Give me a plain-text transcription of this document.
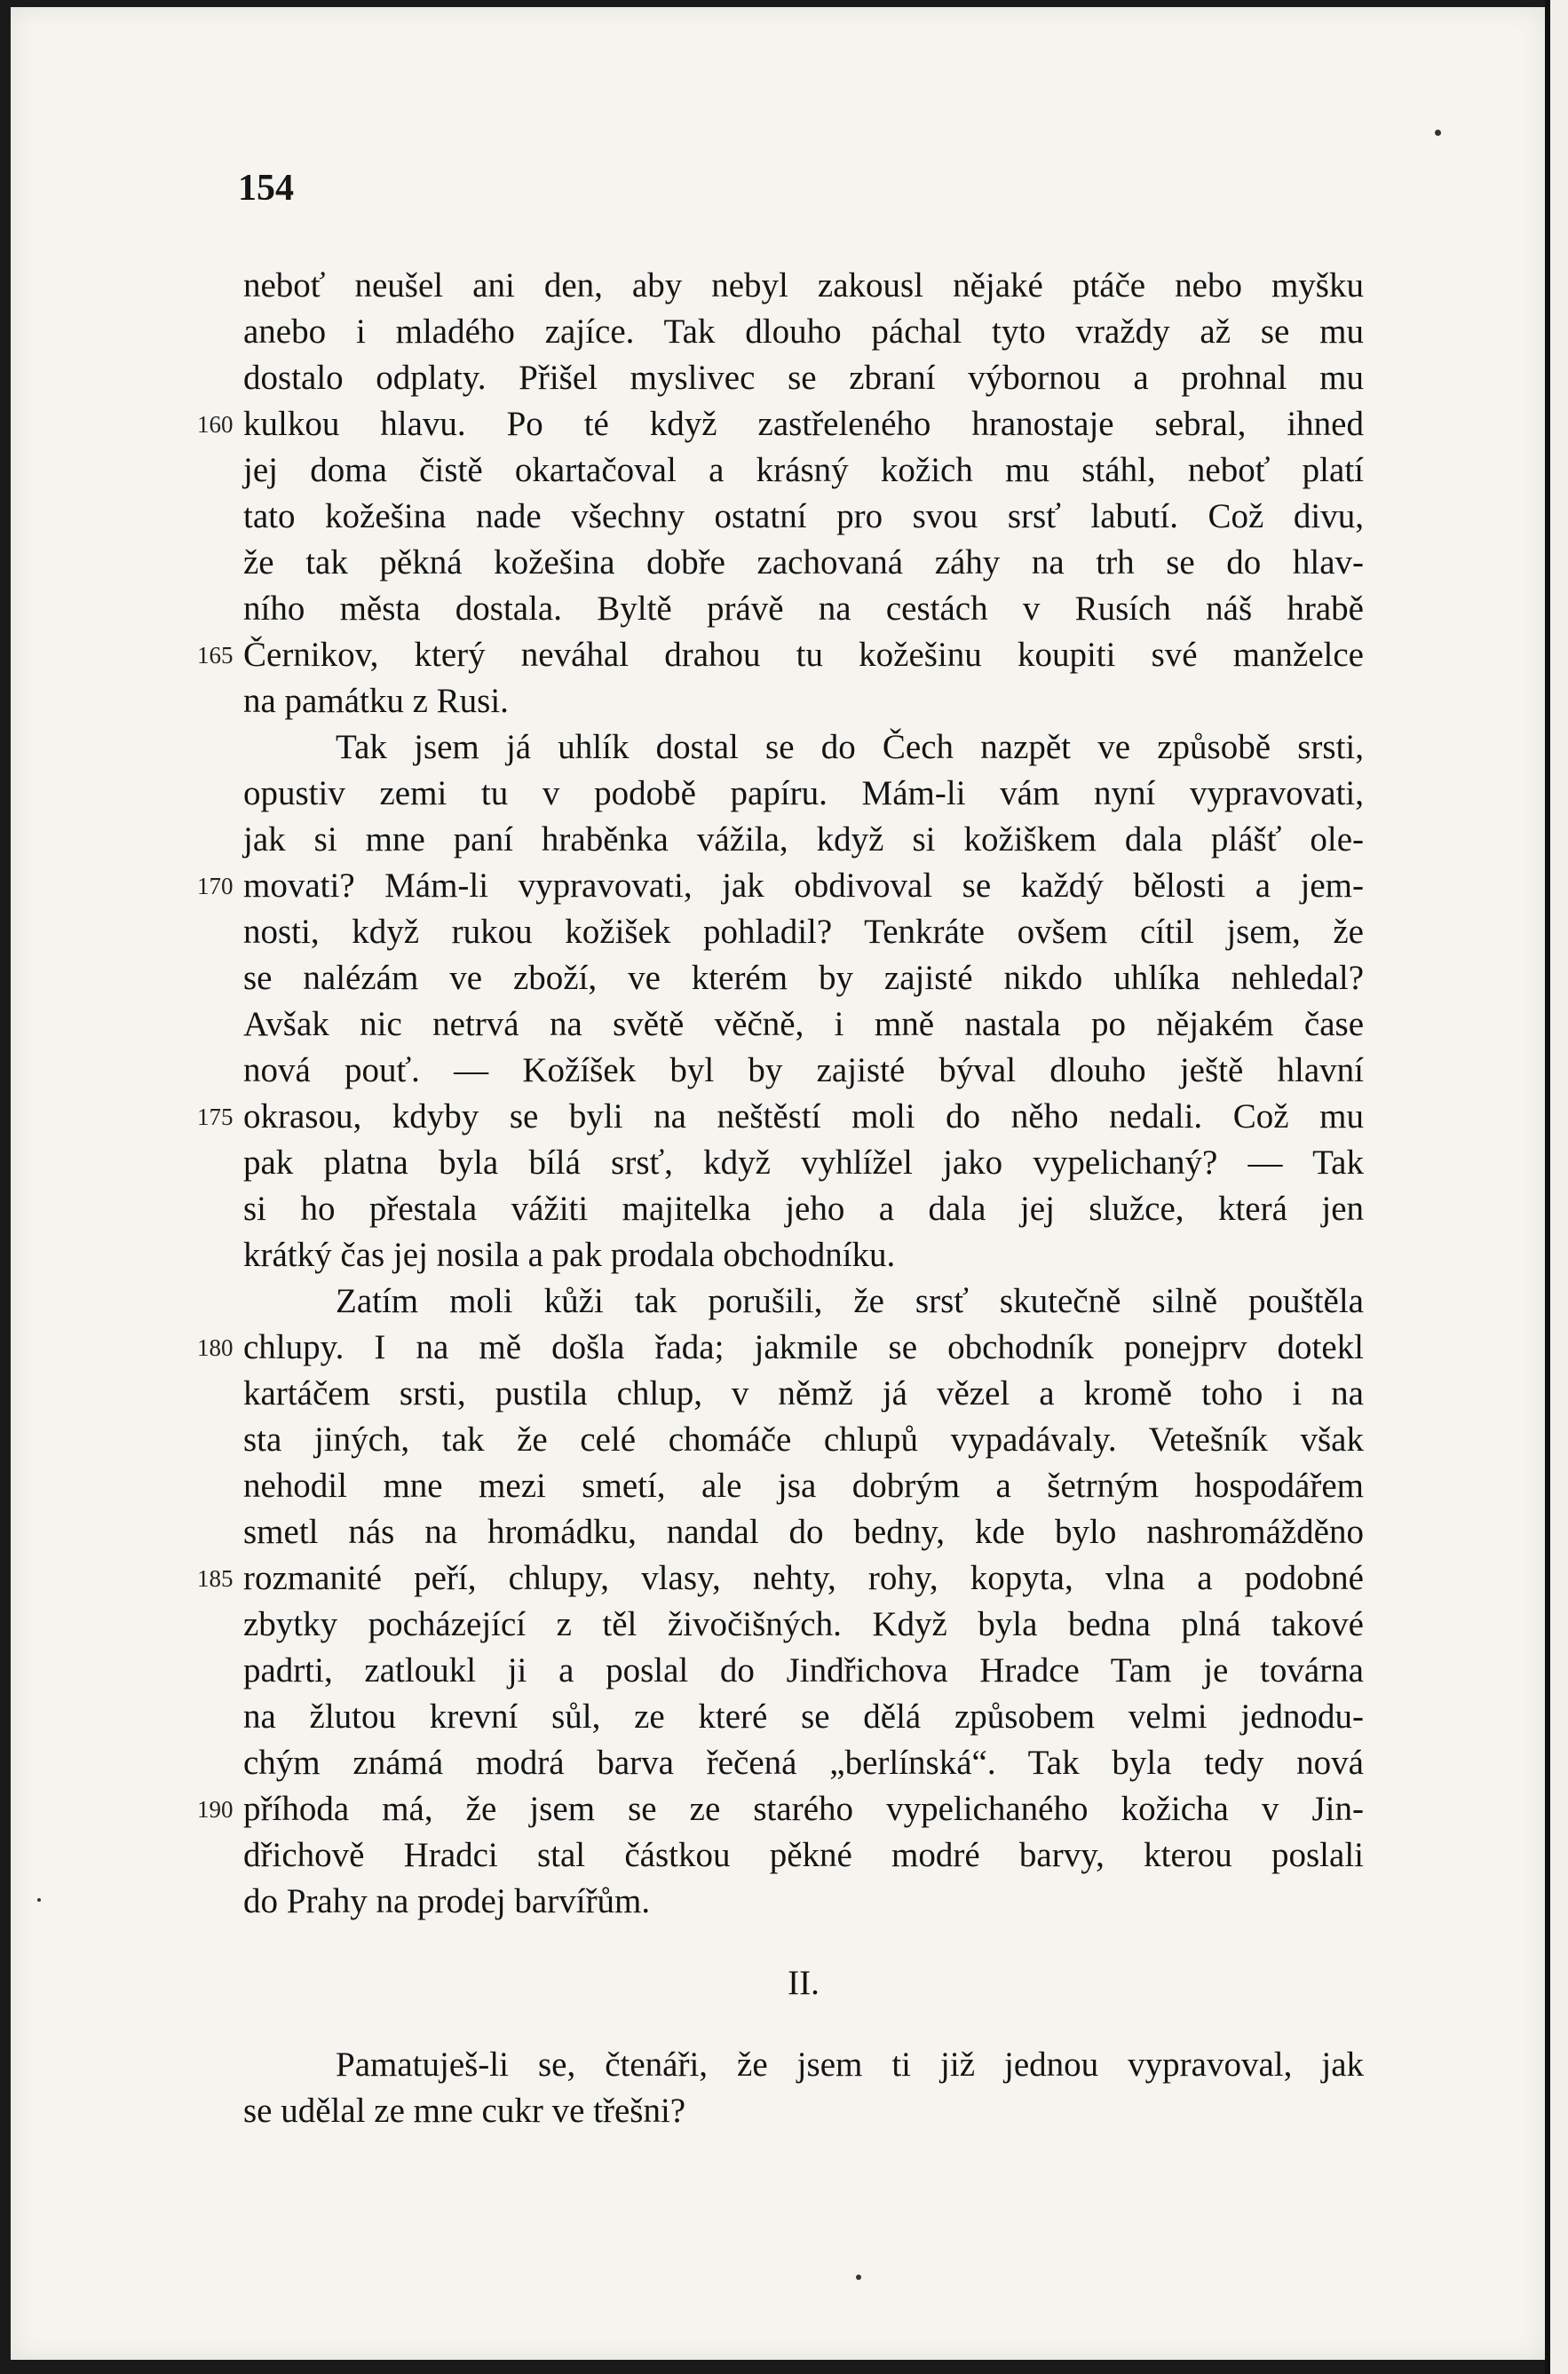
154
neboť neušel ani den, aby nebyl zakousl nějaké ptáče nebo myšku
anebo i mladého zajíce. Tak dlouho páchal tyto vraždy až se mu
dostalo odplaty. Přišel myslivec se zbraní výbornou a prohnal mu
kulkou hlavu. Po té když zastřeleného hranostaje sebral, ihned
jej doma čistě okartačoval a krásný kožich mu stáhl, neboť platí
tato kožešina nade všechny ostatní pro svou srsť labutí. Což divu,
že tak pěkná kožešina dobře zachovaná záhy na trh se do hlav-
ního města dostala. Byltě právě na cestách v Rusích náš hrabě
Černikov, který neváhal drahou tu kožešinu koupiti své manželce
na památku z Rusi.
Tak jsem já uhlík dostal se do Čech nazpět ve způsobě srsti,
opustiv zemi tu v podobě papíru. Mám-li vám nyní vypravovati,
jak si mne paní hraběnka vážila, když si kožiškem dala plášť ole-
movati? Mám-li vypravovati, jak obdivoval se každý bělosti a jem-
nosti, když rukou kožišek pohladil? Tenkráte ovšem cítil jsem, že
se nalézám ve zboží, ve kterém by zajisté nikdo uhlíka nehledal?
Avšak nic netrvá na světě věčně, i mně nastala po nějakém čase
nová pouť. — Kožíšek byl by zajisté býval dlouho ještě hlavní
okrasou, kdyby se byli na neštěstí moli do něho nedali. Což mu
pak platna byla bílá srsť, když vyhlížel jako vypelichaný? — Tak
si ho přestala vážiti majitelka jeho a dala jej služce, která jen
krátký čas jej nosila a pak prodala obchodníku.
Zatím moli kůži tak porušili, že srsť skutečně silně pouštěla
chlupy. I na mě došla řada; jakmile se obchodník ponejprv dotekl
kartáčem srsti, pustila chlup, v němž já vězel a kromě toho i na
sta jiných, tak že celé chomáče chlupů vypadávaly. Vetešník však
nehodil mne mezi smetí, ale jsa dobrým a šetrným hospodářem
smetl nás na hromádku, nandal do bedny, kde bylo nashromážděno
rozmanité peří, chlupy, vlasy, nehty, rohy, kopyta, vlna a podobné
zbytky pocházející z těl živočišných. Když byla bedna plná takové
padrti, zatloukl ji a poslal do Jindřichova Hradce Tam je továrna
na žlutou krevní sůl, ze které se dělá způsobem velmi jednodu-
chým známá modrá barva řečená „berlínská“. Tak byla tedy nová
příhoda má, že jsem se ze starého vypelichaného kožicha v Jin-
dřichově Hradci stal částkou pěkné modré barvy, kterou poslali
do Prahy na prodej barvířům.
II.
Pamatuješ-li se, čtenáři, že jsem ti již jednou vypravoval, jak
se udělal ze mne cukr ve třešni?
160
165
170
175
180
185
190
